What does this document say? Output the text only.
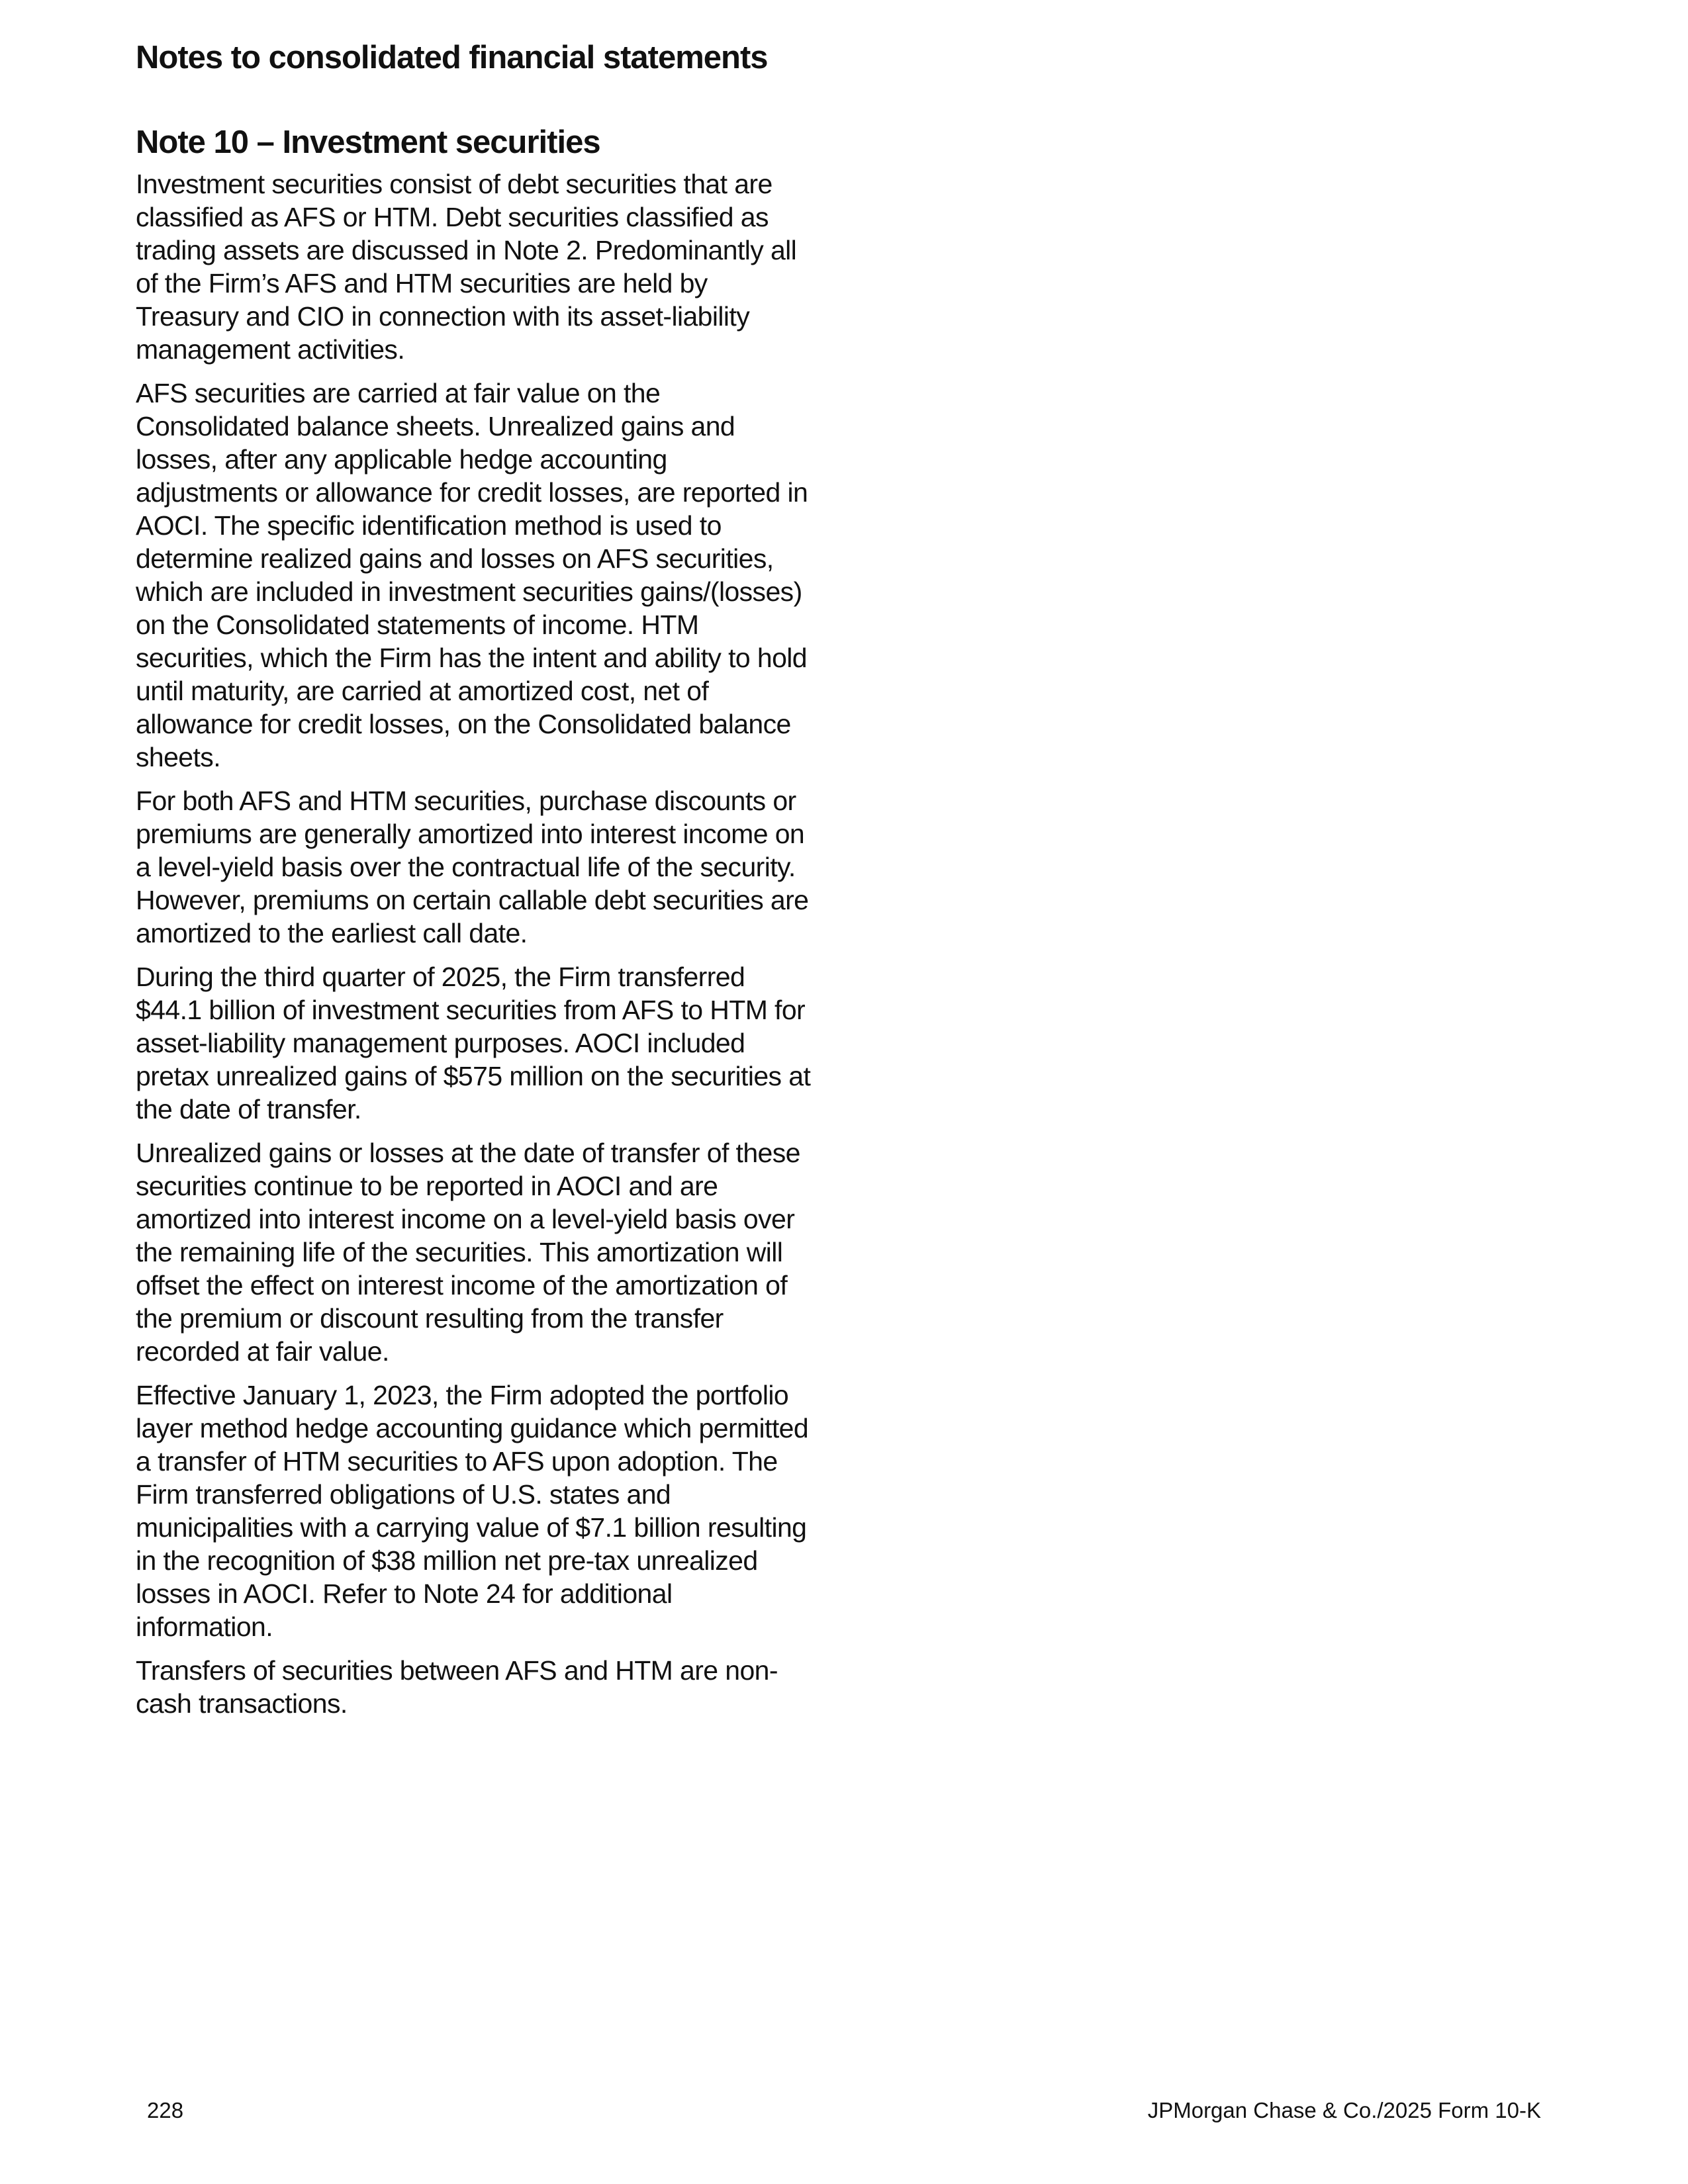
Notes to consolidated financial statements
Note 10 – Investment securities

Investment securities consist of debt securities that are classified as AFS or HTM. Debt securities classified as trading assets are discussed in Note 2. Predominantly all of the Firm’s AFS and HTM securities are held by Treasury and CIO in connection with its asset-liability management activities.

AFS securities are carried at fair value on the Consolidated balance sheets. Unrealized gains and losses, after any applicable hedge accounting adjustments or allowance for credit losses, are reported in AOCI. The specific identification method is used to determine realized gains and losses on AFS securities, which are included in investment securities gains/(losses) on the Consolidated statements of income. HTM securities, which the Firm has the intent and ability to hold until maturity, are carried at amortized cost, net of allowance for credit losses, on the Consolidated balance sheets.

For both AFS and HTM securities, purchase discounts or premiums are generally amortized into interest income on a level-yield basis over the contractual life of the security. However, premiums on certain callable debt securities are amortized to the earliest call date.

During the third quarter of 2025, the Firm transferred $44.1 billion of investment securities from AFS to HTM for asset-liability management purposes. AOCI included pretax unrealized gains of $575 million on the securities at the date of transfer.

Unrealized gains or losses at the date of transfer of these securities continue to be reported in AOCI and are amortized into interest income on a level-yield basis over the remaining life of the securities. This amortization will offset the effect on interest income of the amortization of the premium or discount resulting from the transfer recorded at fair value.

Effective January 1, 2023, the Firm adopted the portfolio layer method hedge accounting guidance which permitted a transfer of HTM securities to AFS upon adoption. The Firm transferred obligations of U.S. states and municipalities with a carrying value of $7.1 billion resulting in the recognition of $38 million net pre-tax unrealized losses in AOCI. Refer to Note 24 for additional information.

Transfers of securities between AFS and HTM are non-cash transactions.

228	JPMorgan Chase & Co./2025 Form 10-K
